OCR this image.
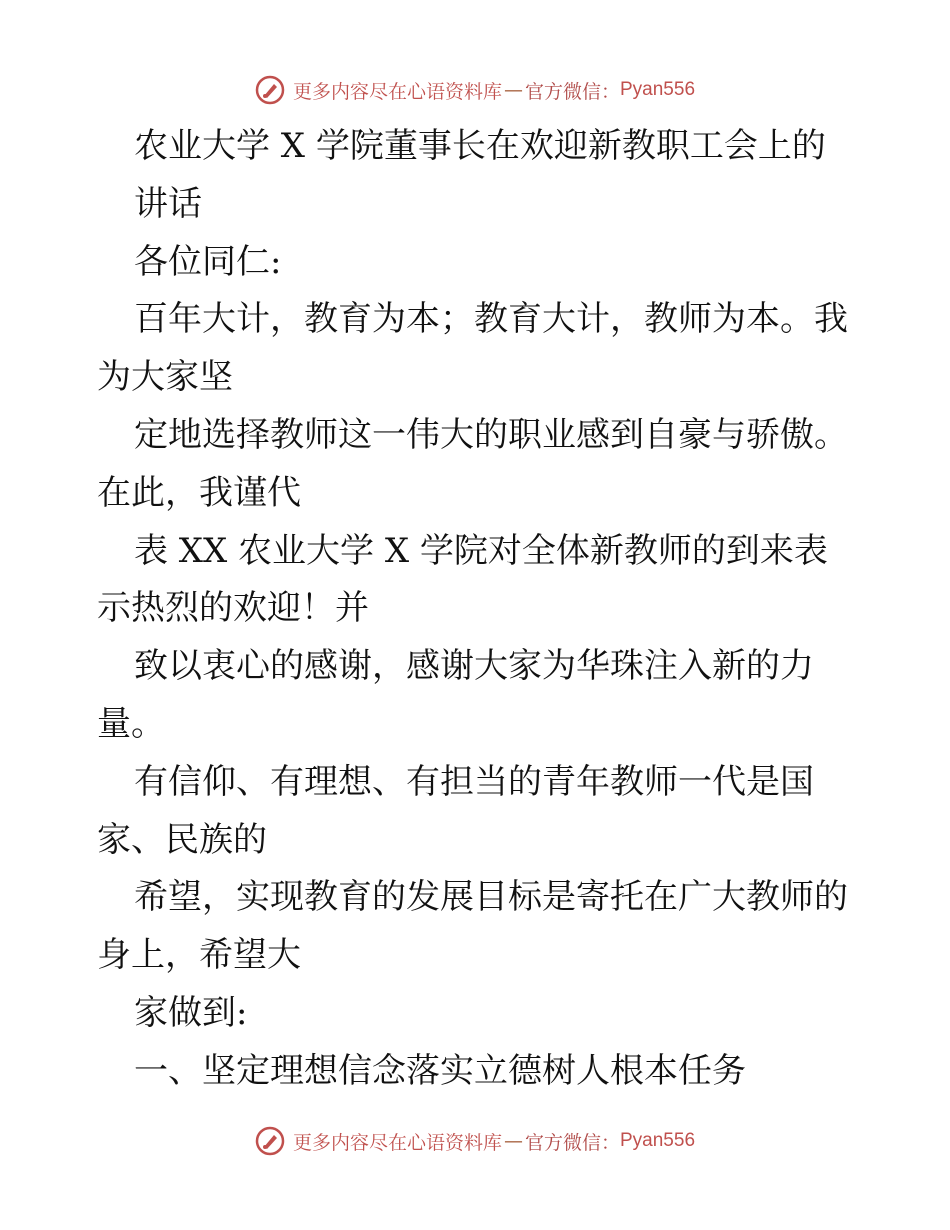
更多内容尽在心语资料库 — 官方微信： Pyan556
农业大学 X 学院董事长在欢迎新教职工会上的
讲话
各位同仁:
百年大计，教育为本；教育大计，教师为本。我
为大家坚
定地选择教师这一伟大的职业感到自豪与骄傲。
在此，我谨代
表 XX 农业大学 X 学院对全体新教师的到来表
示热烈的欢迎！并
致以衷心的感谢，感谢大家为华珠注入新的力
量。
有信仰、有理想、有担当的青年教师一代是国
家、民族的
希望，实现教育的发展目标是寄托在广大教师的
身上，希望大
家做到:
一、坚定理想信念落实立德树人根本任务
更多内容尽在心语资料库 — 官方微信： Pyan556
